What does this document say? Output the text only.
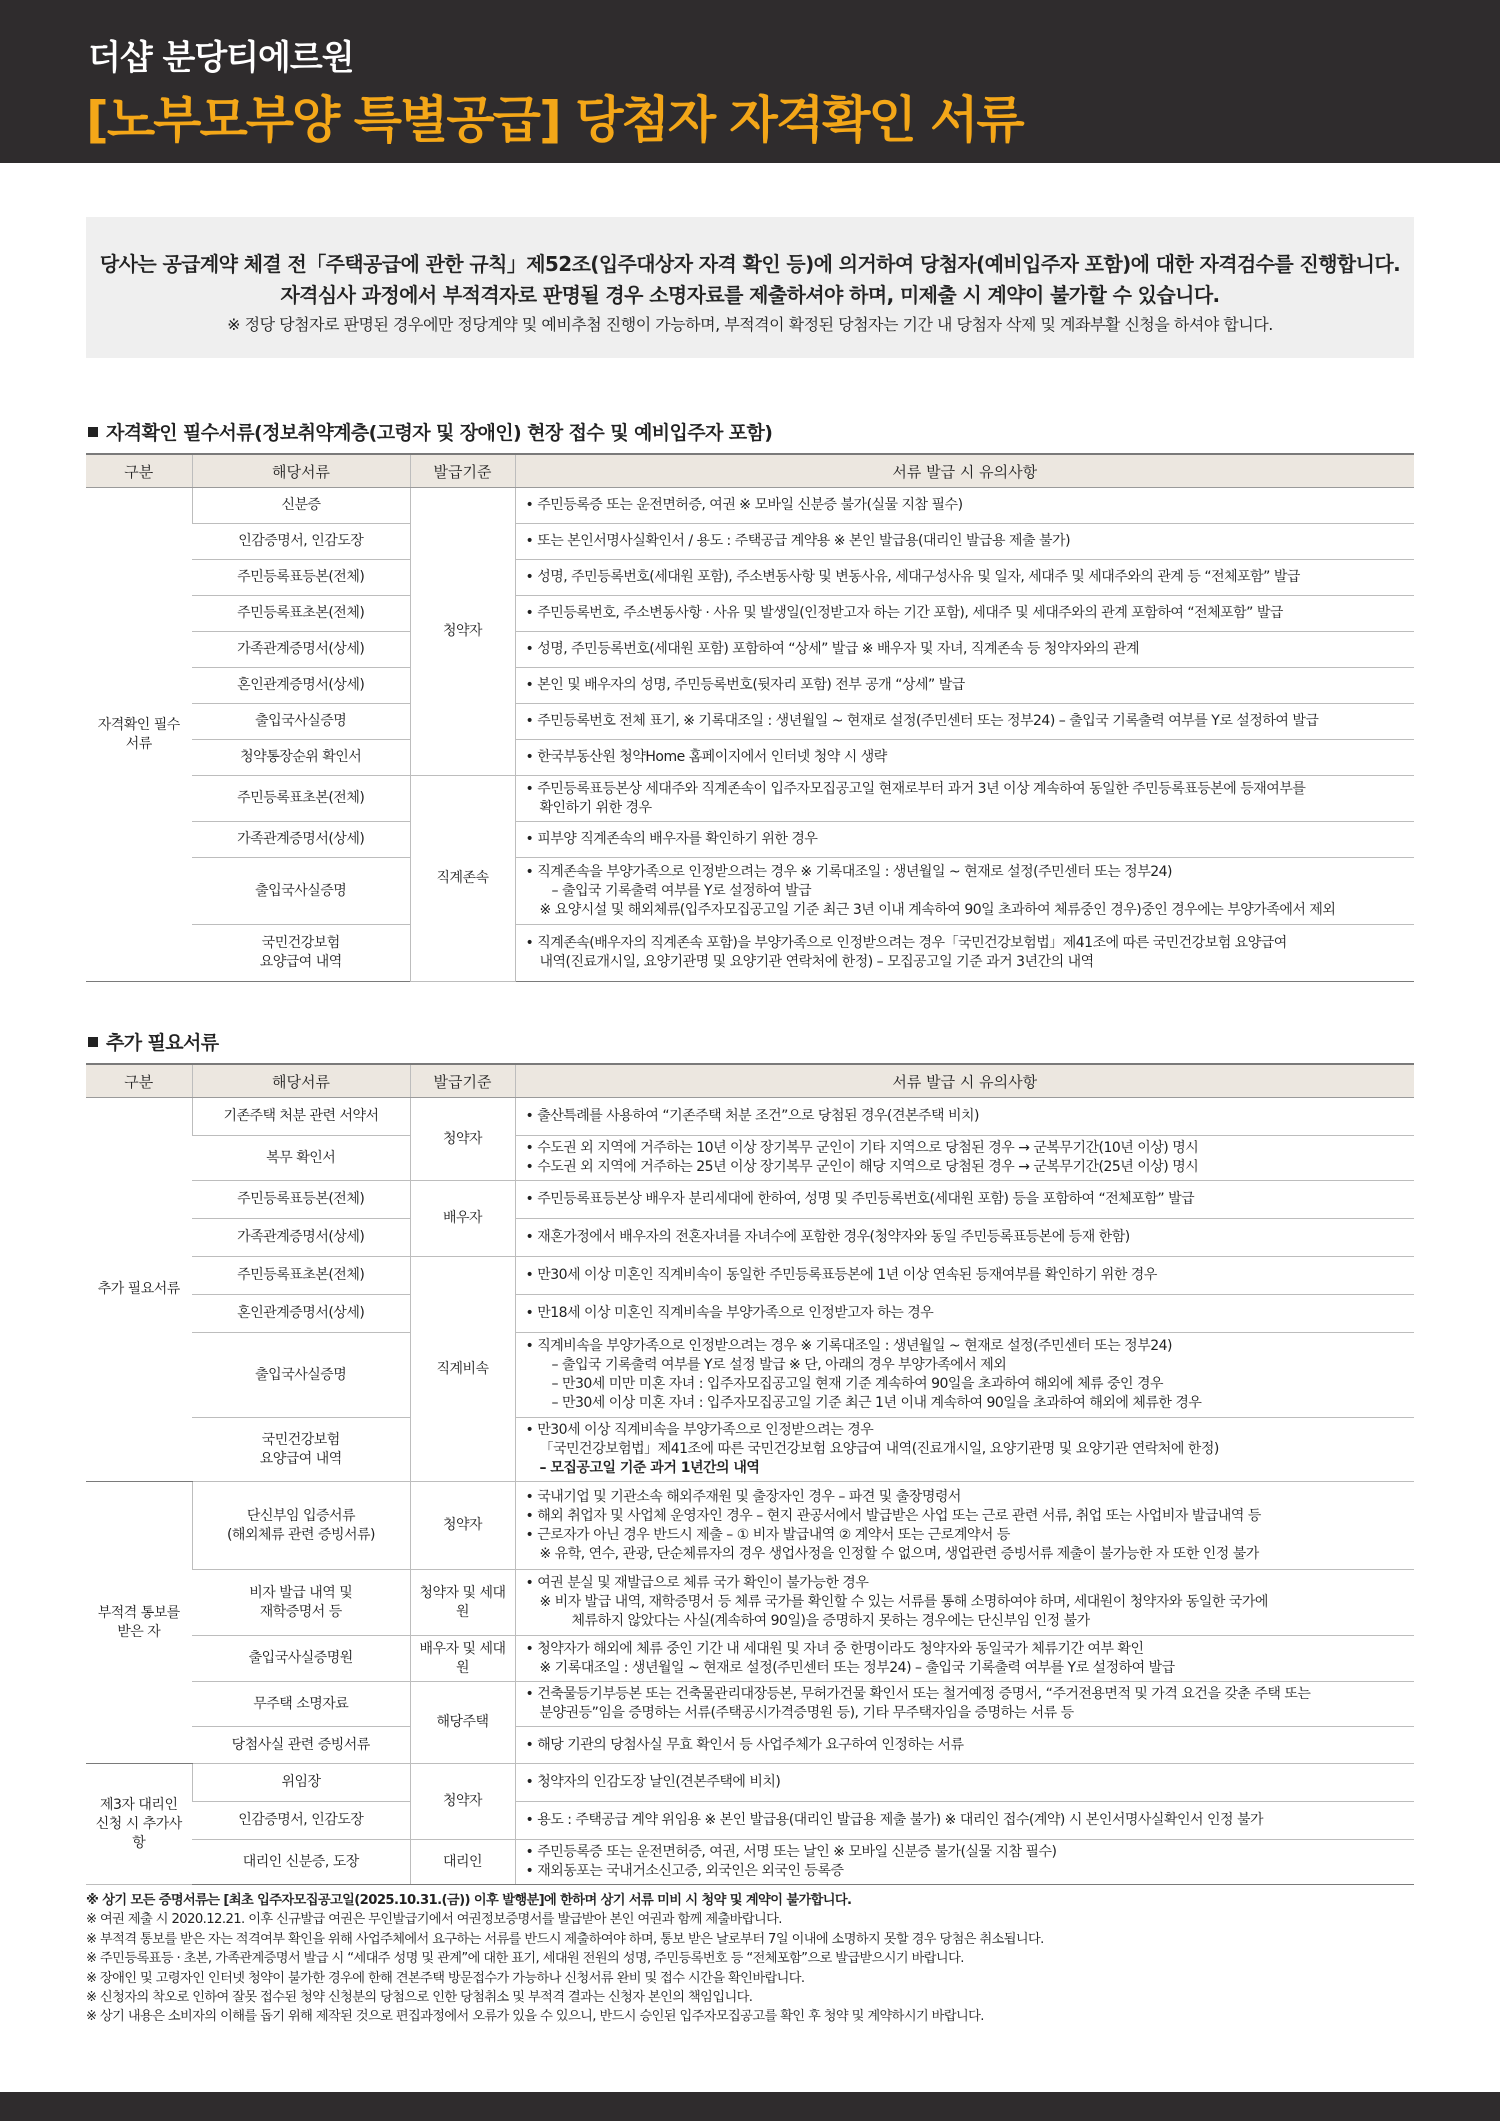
더샵 분당티에르원
[노부모부양 특별공급] 당첨자 자격확인 서류
당사는 공급계약 체결 전「주택공급에 관한 규칙」제52조(입주대상자 자격 확인 등)에 의거하여 당첨자(예비입주자 포함)에 대한 자격검수를 진행합니다.
자격심사 과정에서 부적격자로 판명될 경우 소명자료를 제출하셔야 하며, 미제출 시 계약이 불가할 수 있습니다.
※ 정당 당첨자로 판명된 경우에만 정당계약 및 예비추첨 진행이 가능하며, 부적격이 확정된 당첨자는 기간 내 당첨자 삭제 및 계좌부활 신청을 하셔야 합니다.
자격확인 필수서류(정보취약계층(고령자 및 장애인) 현장 접수 및 예비입주자 포함)
구분	해당서류	발급기준	서류 발급 시 유의사항
자격확인 필수서류	신분증	청약자	• 주민등록증 또는 운전면허증, 여권 ※ 모바일 신분증 불가(실물 지참 필수)

	인감증명서, 인감도장		• 또는 본인서명사실확인서 / 용도 : 주택공급 계약용 ※ 본인 발급용(대리인 발급용 제출 불가)

	주민등록표등본(전체)		• 성명, 주민등록번호(세대원 포함), 주소변동사항 및 변동사유, 세대구성사유 및 일자, 세대주 및 세대주와의 관계 등 “전체포함” 발급

	주민등록표초본(전체)		• 주민등록번호, 주소변동사항 · 사유 및 발생일(인정받고자 하는 기간 포함), 세대주 및 세대주와의 관계 포함하여 “전체포함” 발급

	가족관계증명서(상세)		• 성명, 주민등록번호(세대원 포함) 포함하여 “상세” 발급 ※ 배우자 및 자녀, 직계존속 등 청약자와의 관계

	혼인관계증명서(상세)		• 본인 및 배우자의 성명, 주민등록번호(뒷자리 포함) 전부 공개 “상세” 발급

	출입국사실증명		• 주민등록번호 전체 표기, ※ 기록대조일 : 생년월일 ~ 현재로 설정(주민센터 또는 정부24) – 출입국 기록출력 여부를 Y로 설정하여 발급

	청약통장순위 확인서		• 한국부동산원 청약Home 홈페이지에서 인터넷 청약 시 생략

	주민등록표초본(전체)	직계존속	• 주민등록표등본상 세대주와 직계존속이 입주자모집공고일 현재로부터 과거 3년 이상 계속하여 동일한 주민등록표등본에 등재여부를
확인하기 위한 경우

	가족관계증명서(상세)		• 피부양 직계존속의 배우자를 확인하기 위한 경우

	출입국사실증명		• 직계존속을 부양가족으로 인정받으려는 경우 ※ 기록대조일 : 생년월일 ~ 현재로 설정(주민센터 또는 정부24)
– 출입국 기록출력 여부를 Y로 설정하여 발급
※ 요양시설 및 해외체류(입주자모집공고일 기준 최근 3년 이내 계속하여 90일 초과하여 체류중인 경우)중인 경우에는 부양가족에서 제외

	국민건강보험
요양급여 내역		• 직계존속(배우자의 직계존속 포함)을 부양가족으로 인정받으려는 경우「국민건강보험법」제41조에 따른 국민건강보험 요양급여
내역(진료개시일, 요양기관명 및 요양기관 연락처에 한정) – 모집공고일 기준 과거 3년간의 내역
추가 필요서류
구분	해당서류	발급기준	서류 발급 시 유의사항
추가 필요서류	기존주택 처분 관련 서약서	청약자	• 출산특례를 사용하여 “기존주택 처분 조건”으로 당첨된 경우(견본주택 비치)

	복무 확인서		• 수도권 외 지역에 거주하는 10년 이상 장기복무 군인이 기타 지역으로 당첨된 경우 → 군복무기간(10년 이상) 명시
• 수도권 외 지역에 거주하는 25년 이상 장기복무 군인이 해당 지역으로 당첨된 경우 → 군복무기간(25년 이상) 명시

	주민등록표등본(전체)	배우자	• 주민등록표등본상 배우자 분리세대에 한하여, 성명 및 주민등록번호(세대원 포함) 등을 포함하여 “전체포함” 발급

	가족관계증명서(상세)		• 재혼가정에서 배우자의 전혼자녀를 자녀수에 포함한 경우(청약자와 동일 주민등록표등본에 등재 한함)

	주민등록표초본(전체)	직계비속	• 만30세 이상 미혼인 직계비속이 동일한 주민등록표등본에 1년 이상 연속된 등재여부를 확인하기 위한 경우

	혼인관계증명서(상세)		• 만18세 이상 미혼인 직계비속을 부양가족으로 인정받고자 하는 경우

	출입국사실증명		• 직계비속을 부양가족으로 인정받으려는 경우 ※ 기록대조일 : 생년월일 ~ 현재로 설정(주민센터 또는 정부24)
– 출입국 기록출력 여부를 Y로 설정 발급 ※ 단, 아래의 경우 부양가족에서 제외
– 만30세 미만 미혼 자녀 : 입주자모집공고일 현재 기준 계속하여 90일을 초과하여 해외에 체류 중인 경우
– 만30세 이상 미혼 자녀 : 입주자모집공고일 기준 최근 1년 이내 계속하여 90일을 초과하여 해외에 체류한 경우

	국민건강보험
요양급여 내역		• 만30세 이상 직계비속을 부양가족으로 인정받으려는 경우
「국민건강보험법」제41조에 따른 국민건강보험 요양급여 내역(진료개시일, 요양기관명 및 요양기관 연락처에 한정)
– 모집공고일 기준 과거 1년간의 내역

부적격 통보를받은 자	단신부임 입증서류
(해외체류 관련 증빙서류)	청약자	• 국내기업 및 기관소속 해외주재원 및 출장자인 경우 – 파견 및 출장명령서
• 해외 취업자 및 사업체 운영자인 경우 – 현지 관공서에서 발급받은 사업 또는 근로 관련 서류, 취업 또는 사업비자 발급내역 등
• 근로자가 아닌 경우 반드시 제출 – ① 비자 발급내역 ② 계약서 또는 근로계약서 등
※ 유학, 연수, 관광, 단순체류자의 경우 생업사정을 인정할 수 없으며, 생업관련 증빙서류 제출이 불가능한 자 또한 인정 불가

	비자 발급 내역 및
재학증명서 등	청약자 및 세대원	• 여권 분실 및 재발급으로 체류 국가 확인이 불가능한 경우
※ 비자 발급 내역, 재학증명서 등 체류 국가를 확인할 수 있는 서류를 통해 소명하여야 하며, 세대원이 청약자와 동일한 국가에
체류하지 않았다는 사실(계속하여 90일)을 증명하지 못하는 경우에는 단신부임 인정 불가

	출입국사실증명원	배우자 및 세대원	• 청약자가 해외에 체류 중인 기간 내 세대원 및 자녀 중 한명이라도 청약자와 동일국가 체류기간 여부 확인
※ 기록대조일 : 생년월일 ~ 현재로 설정(주민센터 또는 정부24) – 출입국 기록출력 여부를 Y로 설정하여 발급

	무주택 소명자료	해당주택	• 건축물등기부등본 또는 건축물관리대장등본, 무허가건물 확인서 또는 철거예정 증명서, “주거전용면적 및 가격 요건을 갖춘 주택 또는
분양권등”임을 증명하는 서류(주택공시가격증명원 등), 기타 무주택자임을 증명하는 서류 등

	당첨사실 관련 증빙서류		• 해당 기관의 당첨사실 무효 확인서 등 사업주체가 요구하여 인정하는 서류

제3자 대리인 신청 시 추가사항	위임장	청약자	• 청약자의 인감도장 날인(견본주택에 비치)

	인감증명서, 인감도장		• 용도 : 주택공급 계약 위임용 ※ 본인 발급용(대리인 발급용 제출 불가) ※ 대리인 접수(계약) 시 본인서명사실확인서 인정 불가

	대리인 신분증, 도장	대리인	• 주민등록증 또는 운전면허증, 여권, 서명 또는 날인 ※ 모바일 신분증 불가(실물 지참 필수)
• 재외동포는 국내거소신고증, 외국인은 외국인 등록증
※ 상기 모든 증명서류는 [최초 입주자모집공고일(2025.10.31.(금)) 이후 발행분]에 한하며 상기 서류 미비 시 청약 및 계약이 불가합니다.
※ 여권 제출 시 2020.12.21. 이후 신규발급 여권은 무인발급기에서 여권정보증명서를 발급받아 본인 여권과 함께 제출바랍니다.
※ 부적격 통보를 받은 자는 적격여부 확인을 위해 사업주체에서 요구하는 서류를 반드시 제출하여야 하며, 통보 받은 날로부터 7일 이내에 소명하지 못할 경우 당첨은 취소됩니다.
※ 주민등록표등 · 초본, 가족관계증명서 발급 시 “세대주 성명 및 관계”에 대한 표기, 세대원 전원의 성명, 주민등록번호 등 “전체포함”으로 발급받으시기 바랍니다.
※ 장애인 및 고령자인 인터넷 청약이 불가한 경우에 한해 견본주택 방문접수가 가능하나 신청서류 완비 및 접수 시간을 확인바랍니다.
※ 신청자의 착오로 인하여 잘못 접수된 청약 신청분의 당첨으로 인한 당첨취소 및 부적격 결과는 신청자 본인의 책임입니다.
※ 상기 내용은 소비자의 이해를 돕기 위해 제작된 것으로 편집과정에서 오류가 있을 수 있으니, 반드시 승인된 입주자모집공고를 확인 후 청약 및 계약하시기 바랍니다.
